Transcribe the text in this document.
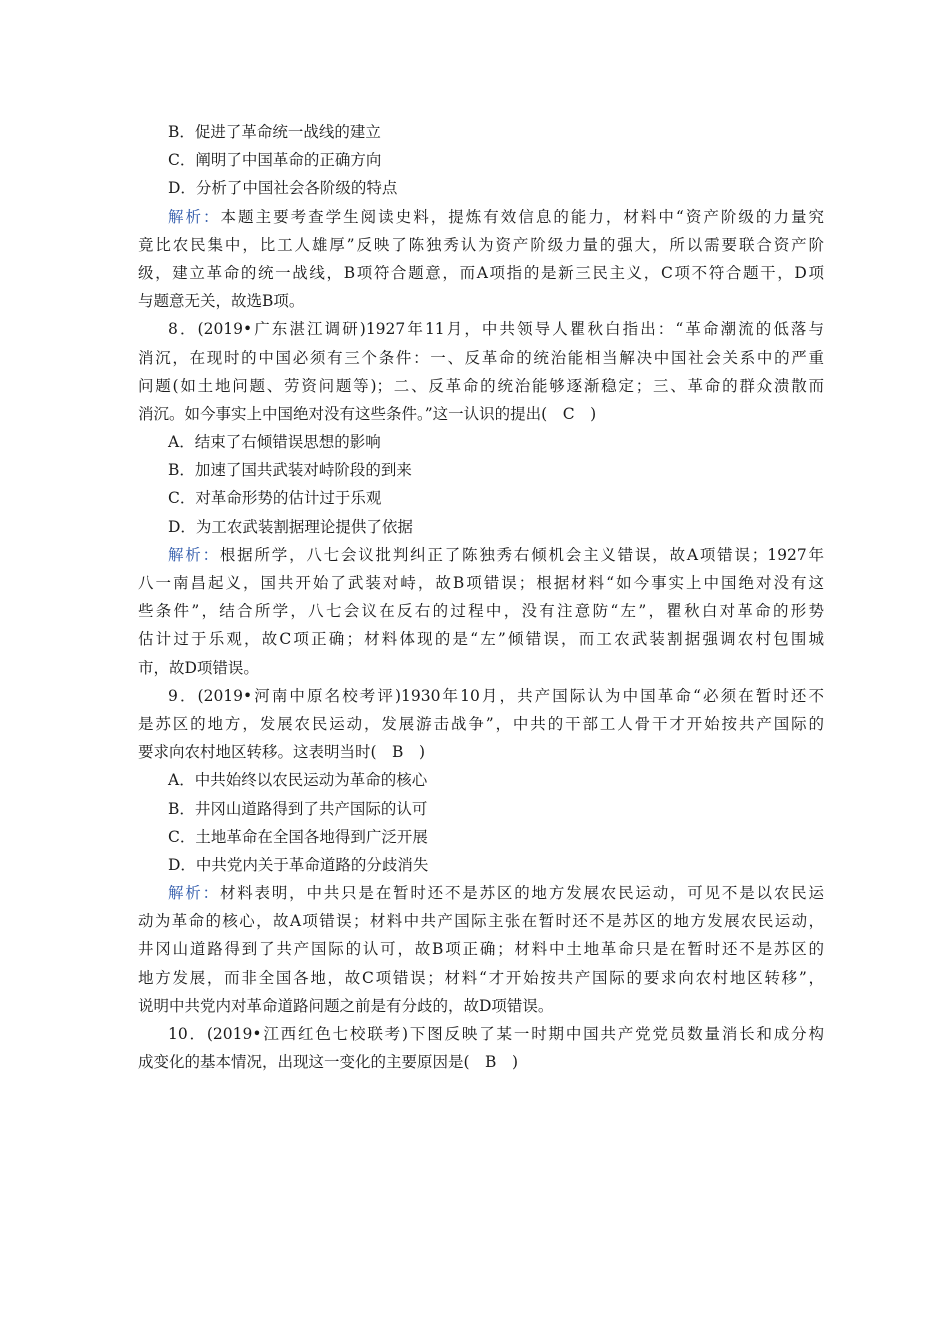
B．促进了革命统一战线的建立
C．阐明了中国革命的正确方向
D．分析了中国社会各阶级的特点
解析：本题主要考查学生阅读史料，提炼有效信息的能力，材料中“资产阶级的力量究
竟比农民集中，比工人雄厚”反映了陈独秀认为资产阶级力量的强大，所以需要联合资产阶
级，建立革命的统一战线，B项符合题意，而A项指的是新三民主义，C项不符合题干，D项
与题意无关，故选B项。
8．(2019•广东湛江调研)1927年11月，中共领导人瞿秋白指出：“革命潮流的低落与
消沉，在现时的中国必须有三个条件：一、反革命的统治能相当解决中国社会关系中的严重
问题(如土地问题、劳资问题等)；二、反革命的统治能够逐渐稳定；三、革命的群众溃散而
消沉。如今事实上中国绝对没有这些条件。”这一认识的提出(　C　)
A．结束了右倾错误思想的影响
B．加速了国共武装对峙阶段的到来
C．对革命形势的估计过于乐观
D．为工农武装割据理论提供了依据
解析：根据所学，八七会议批判纠正了陈独秀右倾机会主义错误，故A项错误；1927年
八一南昌起义，国共开始了武装对峙，故B项错误；根据材料“如今事实上中国绝对没有这
些条件”，结合所学，八七会议在反右的过程中，没有注意防“左”，瞿秋白对革命的形势
估计过于乐观，故C项正确；材料体现的是“左”倾错误，而工农武装割据强调农村包围城
市，故D项错误。
9．(2019•河南中原名校考评)1930年10月，共产国际认为中国革命“必须在暂时还不
是苏区的地方，发展农民运动，发展游击战争”，中共的干部工人骨干才开始按共产国际的
要求向农村地区转移。这表明当时(　B　)
A．中共始终以农民运动为革命的核心
B．井冈山道路得到了共产国际的认可
C．土地革命在全国各地得到广泛开展
D．中共党内关于革命道路的分歧消失
解析：材料表明，中共只是在暂时还不是苏区的地方发展农民运动，可见不是以农民运
动为革命的核心，故A项错误；材料中共产国际主张在暂时还不是苏区的地方发展农民运动，
井冈山道路得到了共产国际的认可，故B项正确；材料中土地革命只是在暂时还不是苏区的
地方发展，而非全国各地，故C项错误；材料“才开始按共产国际的要求向农村地区转移”，
说明中共党内对革命道路问题之前是有分歧的，故D项错误。
10．(2019•江西红色七校联考)下图反映了某一时期中国共产党党员数量消长和成分构
成变化的基本情况，出现这一变化的主要原因是(　B　)
